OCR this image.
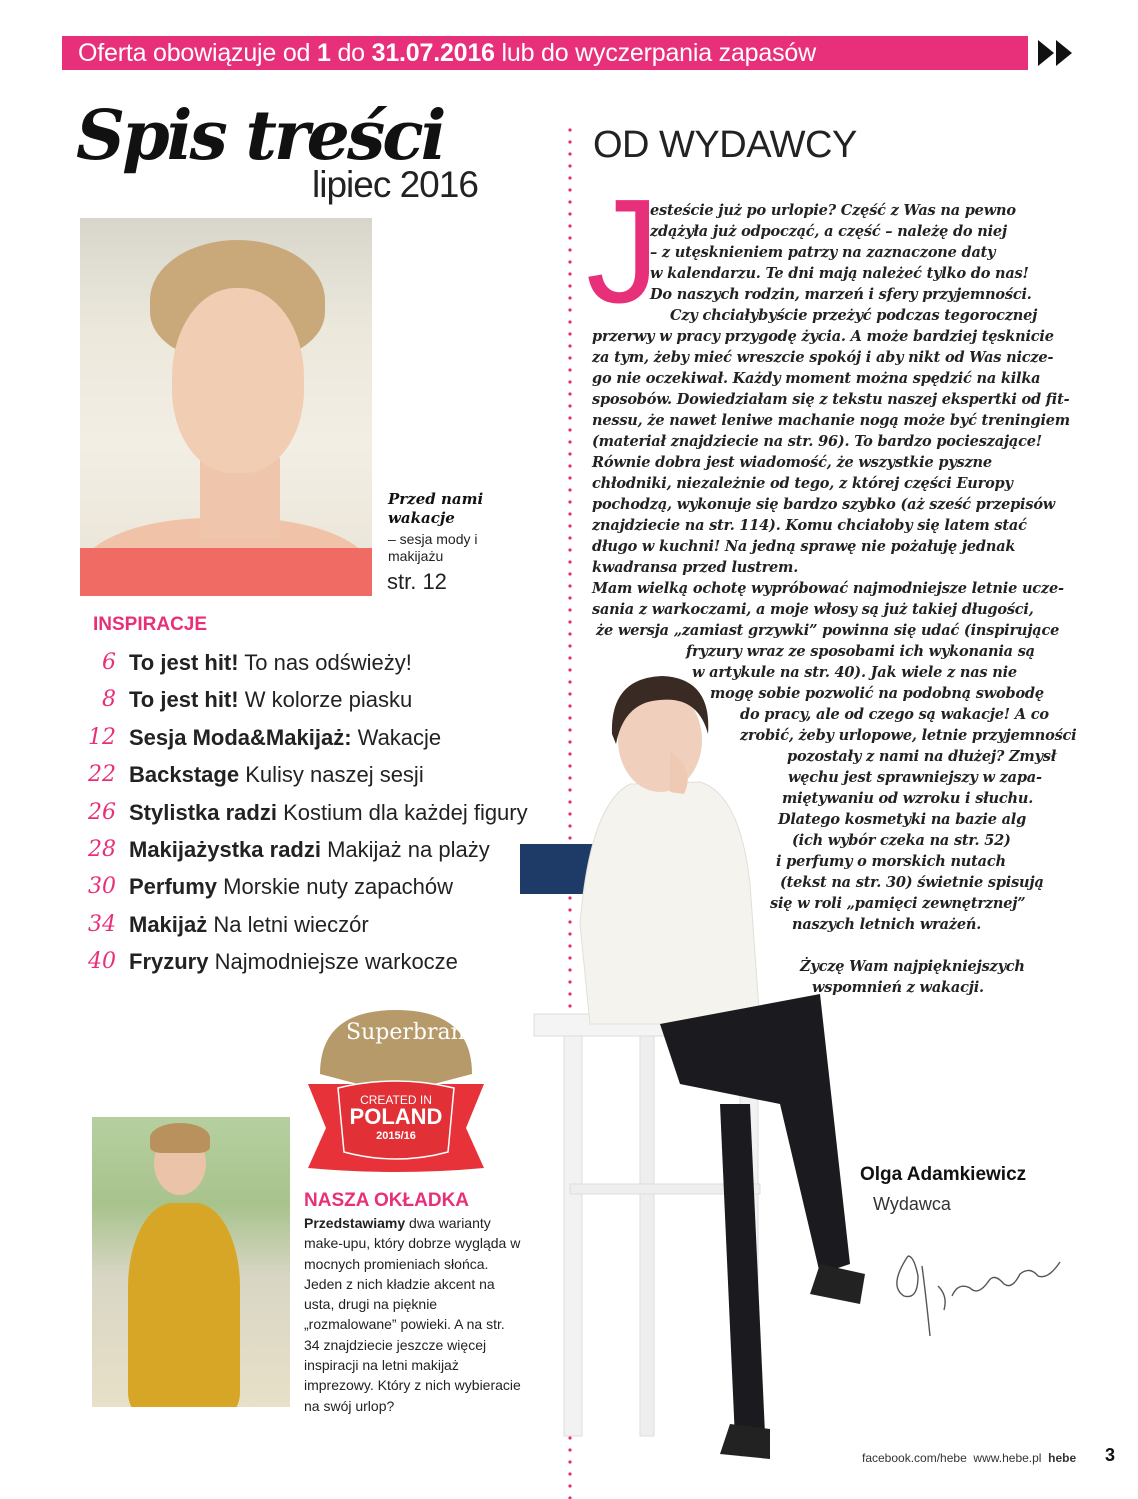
Oferta obowiązuje od 1 do 31.07.2016 lub do wyczerpania zapasów
Spis treści
lipiec 2016
Przed nami wakacje
– sesja mody i makijażu
str. 12
INSPIRACJE
6 To jest hit! To nas odświeży!
8 To jest hit! W kolorze piasku
12 Sesja Moda&Makijaż: Wakacje
22 Backstage Kulisy naszej sesji
26 Stylistka radzi Kostium dla każdej figury
28 Makijażystka radzi Makijaż na plaży
30 Perfumy Morskie nuty zapachów
34 Makijaż Na letni wieczór
40 Fryzury Najmodniejsze warkocze
Superbrands
CREATED IN
POLAND
2015/16
NASZA OKŁADKA
Przedstawiamy dwa warianty make-upu, który dobrze wygląda w mocnych promieniach słońca. Jeden z nich kładzie akcent na usta, drugi na pięknie „rozmalowane” powieki. A na str. 34 znajdziecie jeszcze więcej inspiracji na letni makijaż imprezowy. Który z nich wybieracie na swój urlop?
OD WYDAWCY
J
esteście już po urlopie? Część z Was na pewno
zdążyła już odpocząć, a część – należę do niej
– z utęsknieniem patrzy na zaznaczone daty
w kalendarzu. Te dni mają należeć tylko do nas!
Do naszych rodzin, marzeń i sfery przyjemności.
Czy chciałybyście przeżyć podczas tegorocznej
przerwy w pracy przygodę życia. A może bardziej tęsknicie
za tym, żeby mieć wreszcie spokój i aby nikt od Was nicze-
go nie oczekiwał. Każdy moment można spędzić na kilka
sposobów. Dowiedziałam się z tekstu naszej ekspertki od fit-
nessu, że nawet leniwe machanie nogą może być treningiem
(materiał znajdziecie na str. 96). To bardzo pocieszające!
Równie dobra jest wiadomość, że wszystkie pyszne
chłodniki, niezależnie od tego, z której części Europy
pochodzą, wykonuje się bardzo szybko (aż sześć przepisów
znajdziecie na str. 114). Komu chciałoby się latem stać
długo w kuchni! Na jedną sprawę nie pożałuję jednak
kwadransa przed lustrem.
Mam wielką ochotę wypróbować najmodniejsze letnie ucze-
sania z warkoczami, a moje włosy są już takiej długości,
że wersja „zamiast grzywki” powinna się udać (inspirujące
fryzury wraz ze sposobami ich wykonania są
w artykule na str. 40). Jak wiele z nas nie
mogę sobie pozwolić na podobną swobodę
do pracy, ale od czego są wakacje! A co
zrobić, żeby urlopowe, letnie przyjemności
pozostały z nami na dłużej? Zmysł
węchu jest sprawniejszy w zapa-
miętywaniu od wzroku i słuchu.
Dlatego kosmetyki na bazie alg
(ich wybór czeka na str. 52)
i perfumy o morskich nutach
(tekst na str. 30) świetnie spisują
się w roli „pamięci zewnętrznej”
naszych letnich wrażeń.
Życzę Wam najpiękniejszych
wspomnień z wakacji.
Olga Adamkiewicz
Wydawca
facebook.com/hebe www.hebe.pl hebe 3
